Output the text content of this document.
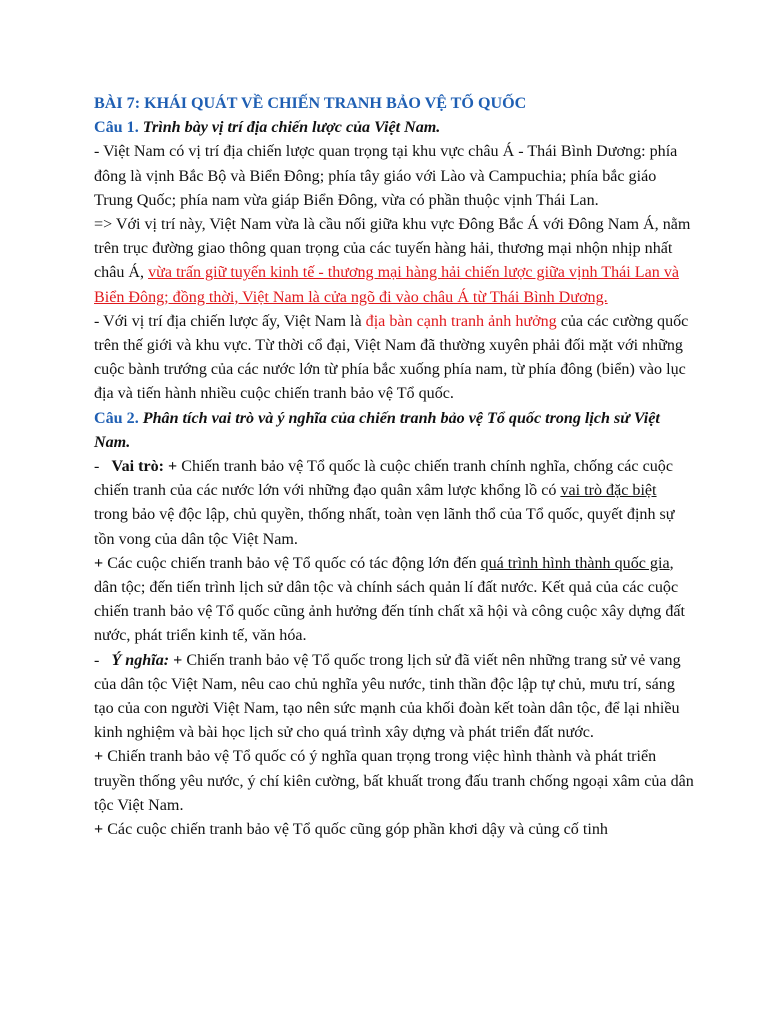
BÀI 7: KHÁI QUÁT VỀ CHIẾN TRANH BẢO VỆ TỐ QUỐC

Câu 1. Trình bày vị trí địa chiến lược của Việt Nam.

- Việt Nam có vị trí địa chiến lược quan trọng tại khu vực châu Á - Thái Bình Dương: phía đông là vịnh Bắc Bộ và Biển Đông; phía tây giáo với Lào và Campuchia; phía bắc giáo Trung Quốc; phía nam vừa giáp Biển Đông, vừa có phần thuộc vịnh Thái Lan.

=> Với vị trí này, Việt Nam vừa là cầu nối giữa khu vực Đông Bắc Á với Đông Nam Á, nằm trên trục đường giao thông quan trọng của các tuyến hàng hải, thương mại nhộn nhịp nhất châu Á, vừa trấn giữ tuyến kinh tế - thương mại hàng hải chiến lược giữa vịnh Thái Lan và Biển Đông; đồng thời, Việt Nam là cửa ngõ đi vào châu Á từ Thái Bình Dương.

- Với vị trí địa chiến lược ấy, Việt Nam là địa bàn cạnh tranh ảnh hưởng của các cường quốc trên thế giới và khu vực. Từ thời cổ đại, Việt Nam đã thường xuyên phải đối mặt với những cuộc bành trướng của các nước lớn từ phía bắc xuống phía nam, từ phía đông (biển) vào lục địa và tiến hành nhiều cuộc chiến tranh bảo vệ Tổ quốc.

Câu 2. Phân tích vai trò và ý nghĩa của chiến tranh bảo vệ Tổ quốc trong lịch sử Việt Nam.

-   Vai trò: + Chiến tranh bảo vệ Tổ quốc là cuộc chiến tranh chính nghĩa, chống các cuộc chiến tranh của các nước lớn với những đạo quân xâm lược khổng lồ có vai trò đặc biệt trong bảo vệ độc lập, chủ quyền, thống nhất, toàn vẹn lãnh thổ của Tổ quốc, quyết định sự tồn vong của dân tộc Việt Nam.

+ Các cuộc chiến tranh bảo vệ Tổ quốc có tác động lớn đến quá trình hình thành quốc gia, dân tộc; đến tiến trình lịch sử dân tộc và chính sách quản lí đất nước. Kết quả của các cuộc chiến tranh bảo vệ Tổ quốc cũng ảnh hưởng đến tính chất xã hội và công cuộc xây dựng đất nước, phát triển kinh tế, văn hóa.

-   Ý nghĩa: + Chiến tranh bảo vệ Tổ quốc trong lịch sử đã viết nên những trang sử vẻ vang của dân tộc Việt Nam, nêu cao chủ nghĩa yêu nước, tinh thần độc lập tự chủ, mưu trí, sáng tạo của con người Việt Nam, tạo nên sức mạnh của khối đoàn kết toàn dân tộc, để lại nhiều kinh nghiệm và bài học lịch sử cho quá trình xây dựng và phát triển đất nước.

+ Chiến tranh bảo vệ Tổ quốc có ý nghĩa quan trọng trong việc hình thành và phát triển truyền thống yêu nước, ý chí kiên cường, bất khuất trong đấu tranh chống ngoại xâm của dân tộc Việt Nam.

+ Các cuộc chiến tranh bảo vệ Tổ quốc cũng góp phần khơi dậy và củng cố tinh
